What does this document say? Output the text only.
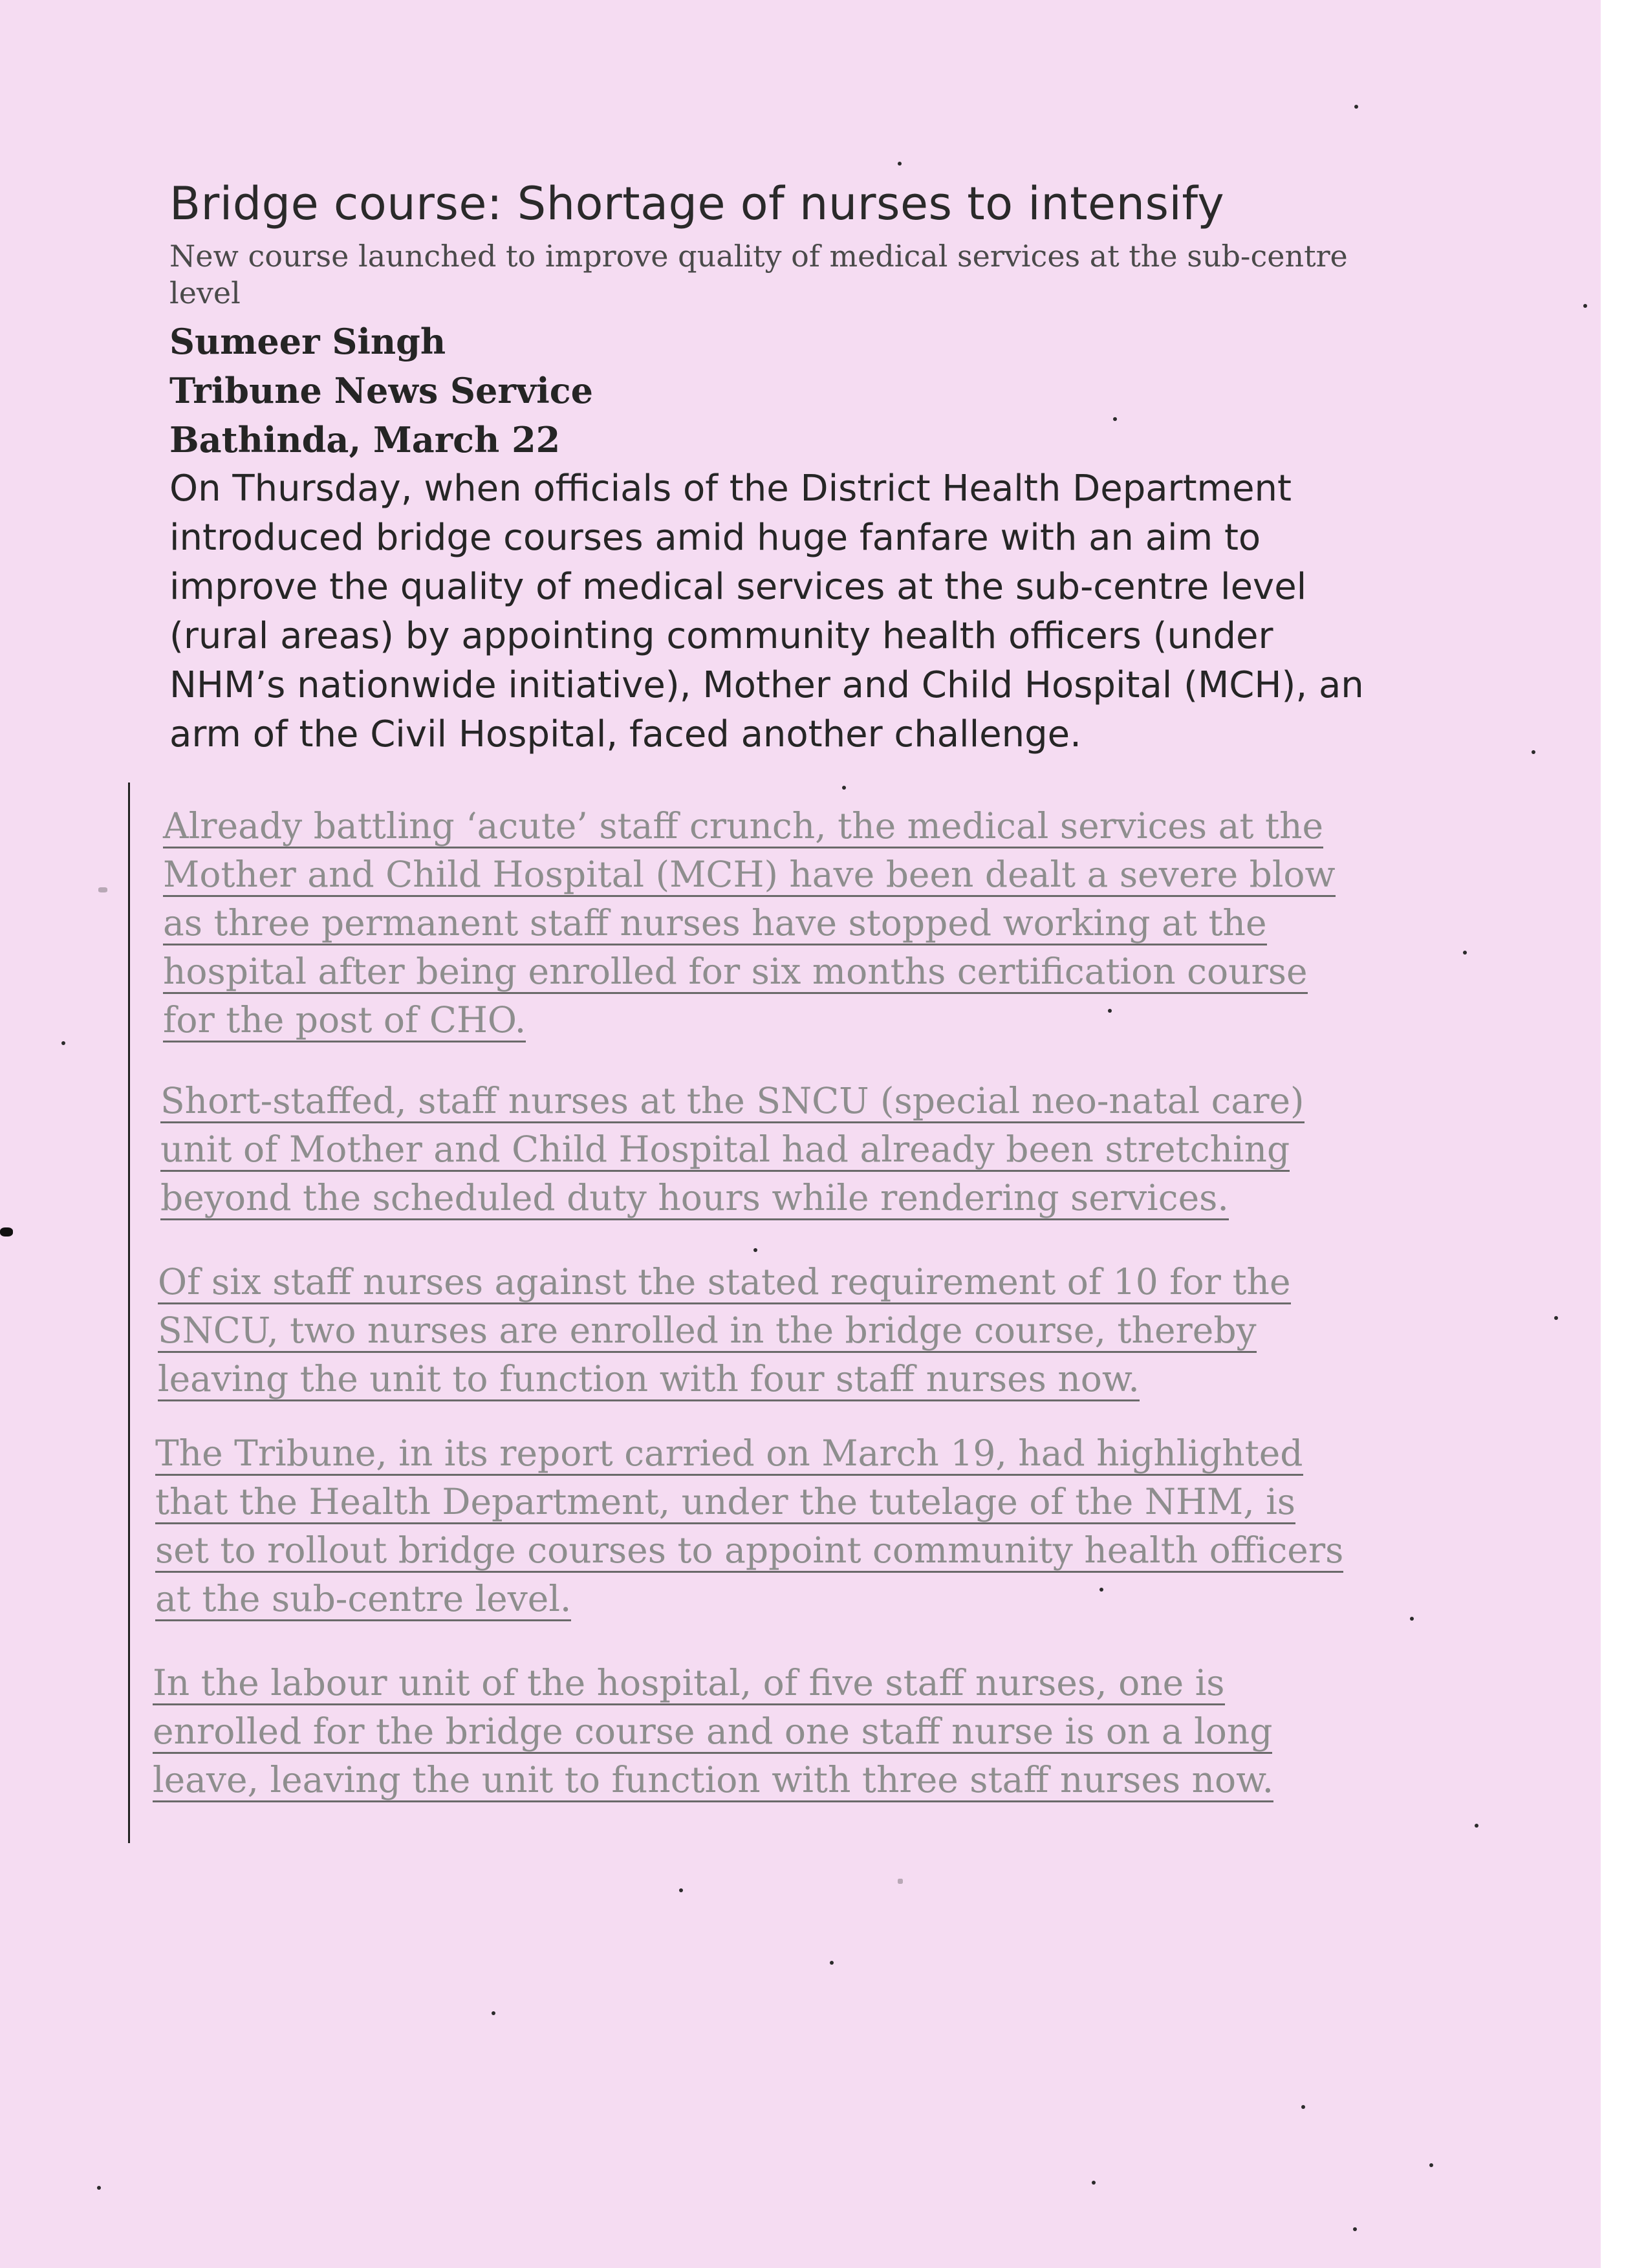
Bridge course: Shortage of nurses to intensify

New course launched to improve quality of medical services at the sub-centre level

Sumeer Singh

Tribune News Service

Bathinda, March 22

On Thursday, when officials of the District Health Department introduced bridge courses amid huge fanfare with an aim to improve the quality of medical services at the sub-centre level (rural areas) by appointing community health officers (under NHM’s nationwide initiative), Mother and Child Hospital (MCH), an arm of the Civil Hospital, faced another challenge.

Already battling ‘acute’ staff crunch, the medical services at the
Mother and Child Hospital (MCH) have been dealt a severe blow
as three permanent staff nurses have stopped working at the
hospital after being enrolled for six months certification course
for the post of CHO.
Short-staffed, staff nurses at the SNCU (special neo-natal care)
unit of Mother and Child Hospital had already been stretching
beyond the scheduled duty hours while rendering services.
Of six staff nurses against the stated requirement of 10 for the
SNCU, two nurses are enrolled in the bridge course, thereby
leaving the unit to function with four staff nurses now.
The Tribune, in its report carried on March 19, had highlighted
that the Health Department, under the tutelage of the NHM, is
set to rollout bridge courses to appoint community health officers
at the sub-centre level.
In the labour unit of the hospital, of five staff nurses, one is
enrolled for the bridge course and one staff nurse is on a long
leave, leaving the unit to function with three staff nurses now.
